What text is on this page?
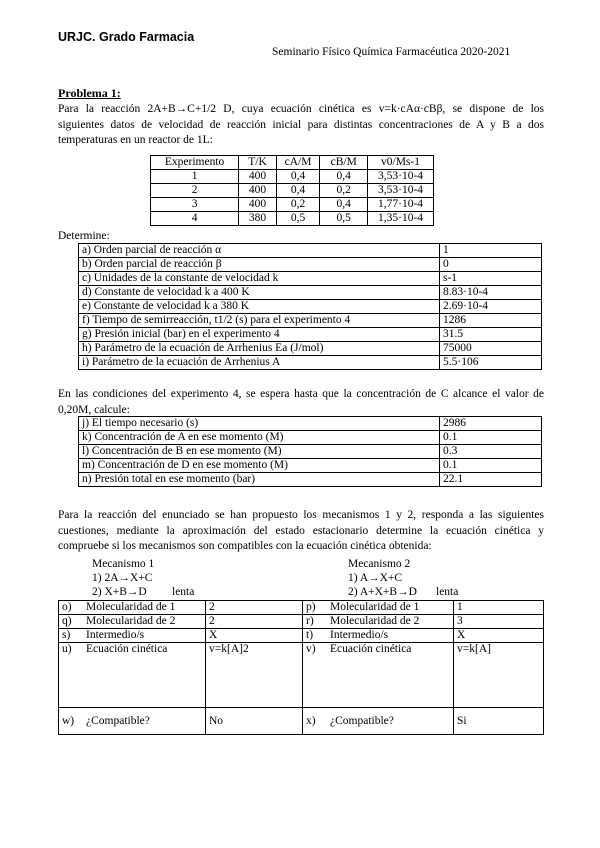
URJC. Grado Farmacia
Seminario Físico Química Farmacéutica 2020-2021
Problema 1:
Para la reacción 2A+B→C+1/2 D, cuya ecuación cinética es v=k·cAα·cBβ, se dispone de los
siguientes datos de velocidad de reacción inicial para distintas concentraciones de A y B a dos
temperaturas en un reactor de 1L:
Experimento	T/K	cA/M	cB/M	v0/Ms-1
1	400	0,4	0,4	3,53·10-4
2	400	0,4	0,2	3,53·10-4
3	400	0,2	0,4	1,77·10-4
4	380	0,5	0,5	1,35·10-4
Determine:
a) Orden parcial de reacción α	1
b) Orden parcial de reacción β	0
c) Unidades de la constante de velocidad k	s-1
d) Constante de velocidad k a 400 K	8.83·10-4
e) Constante de velocidad k a 380 K	2.69·10-4
f) Tiempo de semirreacción, t1/2 (s) para el experimento 4	1286
g) Presión inicial (bar) en el experimento 4	31.5
h) Parámetro de la ecuación de Arrhenius Ea (J/mol)	75000
i) Parámetro de la ecuación de Arrhenius A	5.5·106
En las condiciones del experimento 4, se espera hasta que la concentración de C alcance el valor de
0,20M, calcule:
j) El tiempo necesario (s)	2986
k) Concentración de A en ese momento (M)	0.1
l) Concentración de B en ese momento (M)	0.3
m) Concentración de D en ese momento (M)	0.1
n) Presión total en ese momento (bar)	22.1
Para la reacción del enunciado se han propuesto los mecanismos 1 y 2, responda a las siguientes
cuestiones, mediante la aproximación del estado estacionario determine la ecuación cinética y
compruebe si los mecanismos son compatibles con la ecuación cinética obtenida:
Mecanismo 1
1) 2A→X+C
2) X+B→D lenta
Mecanismo 2
1) A→X+C
2) A+X+B→D lenta
o)	Molecularidad de 1	2	p)	Molecularidad de 1	1
q)	Molecularidad de 2	2	r)	Molecularidad de 2	3
s)	Intermedio/s	X	t)	Intermedio/s	X
u)	Ecuación cinética	v=k[A]2	v)	Ecuación cinética	v=k[A]
w)	¿Compatible?	No	x)	¿Compatible?	Si
